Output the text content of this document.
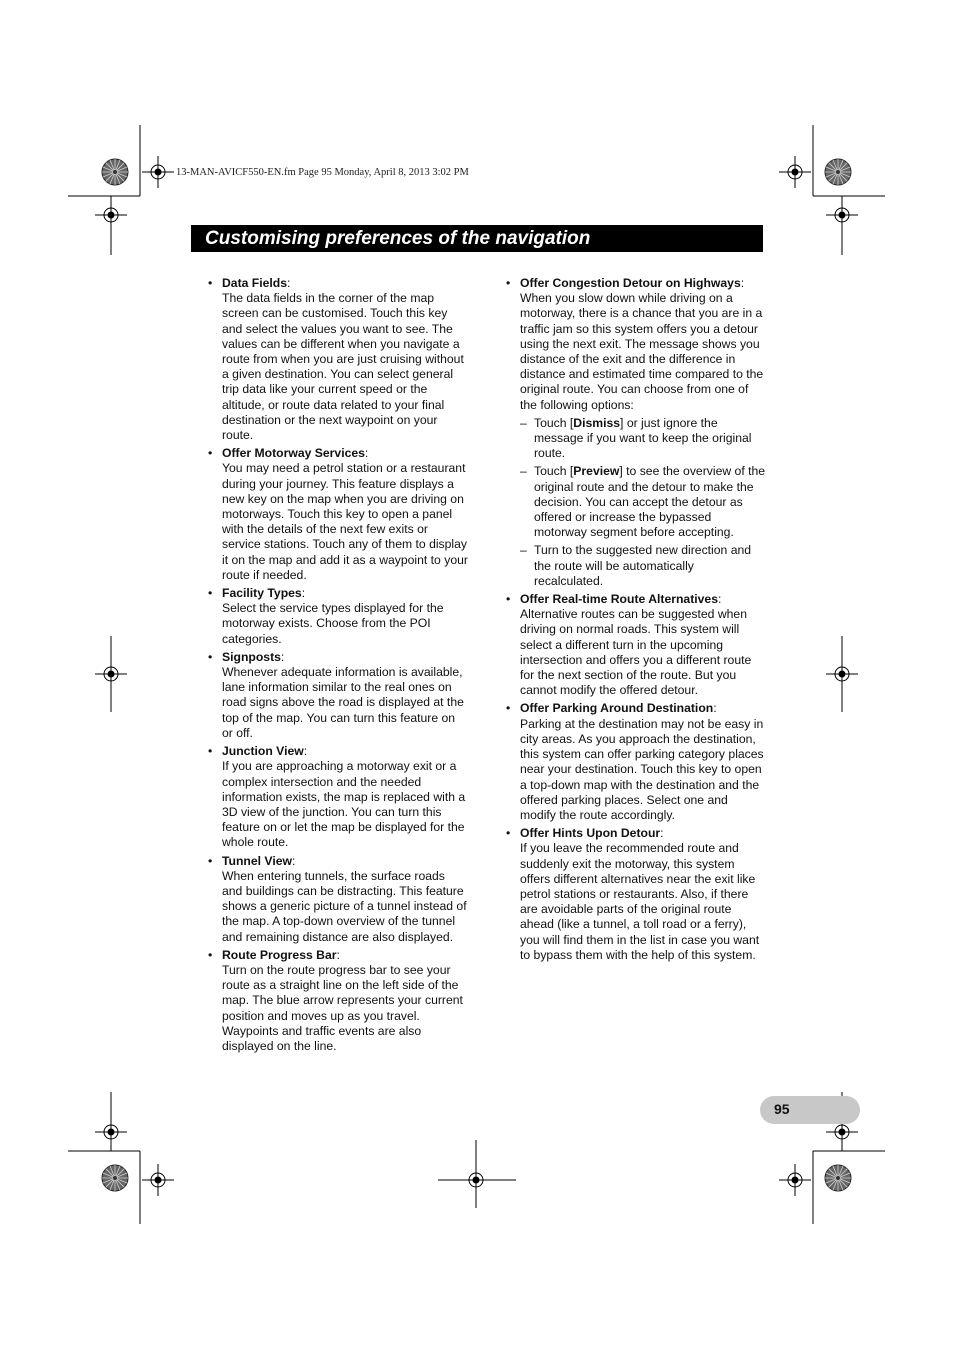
13-MAN-AVICF550-EN.fm Page 95 Monday, April 8, 2013 3:02 PM
Customising preferences of the navigation
• Data Fields:
The data fields in the corner of the map screen can be customised. Touch this key and select the values you want to see. The values can be different when you navigate a route from when you are just cruising without a given destination. You can select general trip data like your current speed or the altitude, or route data related to your final destination or the next waypoint on your route.
• Offer Motorway Services:
You may need a petrol station or a restaurant during your journey. This feature displays a new key on the map when you are driving on motorways. Touch this key to open a panel with the details of the next few exits or service stations. Touch any of them to display it on the map and add it as a waypoint to your route if needed.
• Facility Types:
Select the service types displayed for the motorway exists. Choose from the POI categories.
• Signposts:
Whenever adequate information is available, lane information similar to the real ones on road signs above the road is displayed at the top of the map. You can turn this feature on or off.
• Junction View:
If you are approaching a motorway exit or a complex intersection and the needed information exists, the map is replaced with a 3D view of the junction. You can turn this feature on or let the map be displayed for the whole route.
• Tunnel View:
When entering tunnels, the surface roads and buildings can be distracting. This feature shows a generic picture of a tunnel instead of the map. A top-down overview of the tunnel and remaining distance are also displayed.
• Route Progress Bar:
Turn on the route progress bar to see your route as a straight line on the left side of the map. The blue arrow represents your current position and moves up as you travel. Waypoints and traffic events are also displayed on the line.
• Offer Congestion Detour on Highways:
When you slow down while driving on a motorway, there is a chance that you are in a traffic jam so this system offers you a detour using the next exit. The message shows you distance of the exit and the difference in distance and estimated time compared to the original route. You can choose from one of the following options:
– Touch [Dismiss] or just ignore the message if you want to keep the original route.
– Touch [Preview] to see the overview of the original route and the detour to make the decision. You can accept the detour as offered or increase the bypassed motorway segment before accepting.
– Turn to the suggested new direction and the route will be automatically recalculated.
• Offer Real-time Route Alternatives:
Alternative routes can be suggested when driving on normal roads. This system will select a different turn in the upcoming intersection and offers you a different route for the next section of the route. But you cannot modify the offered detour.
• Offer Parking Around Destination:
Parking at the destination may not be easy in city areas. As you approach the destination, this system can offer parking category places near your destination. Touch this key to open a top-down map with the destination and the offered parking places. Select one and modify the route accordingly.
• Offer Hints Upon Detour:
If you leave the recommended route and suddenly exit the motorway, this system offers different alternatives near the exit like petrol stations or restaurants. Also, if there are avoidable parts of the original route ahead (like a tunnel, a toll road or a ferry), you will find them in the list in case you want to bypass them with the help of this system.
95
